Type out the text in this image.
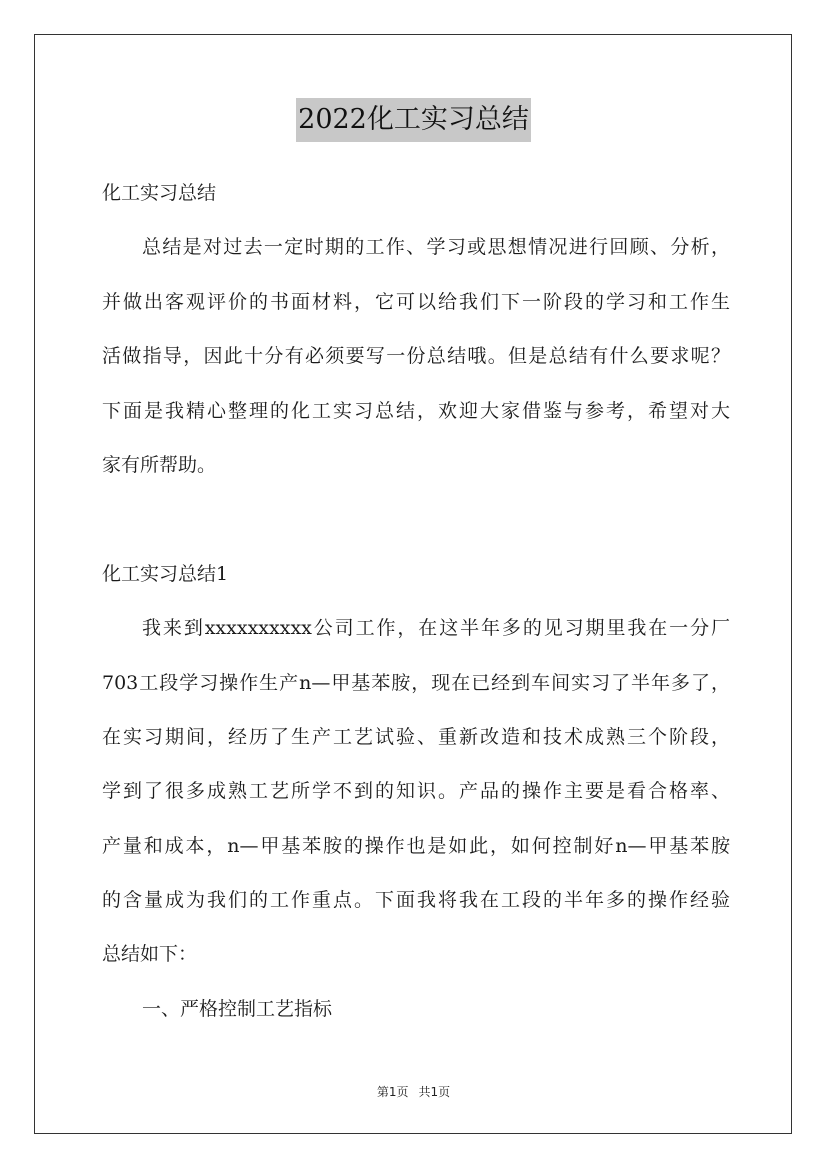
2022化工实习总结
化工实习总结
总结是对过去一定时期的工作、学习或思想情况进行回顾、分析，
并做出客观评价的书面材料，它可以给我们下一阶段的学习和工作生
活做指导，因此十分有必须要写一份总结哦。但是总结有什么要求呢？
下面是我精心整理的化工实习总结，欢迎大家借鉴与参考，希望对大
家有所帮助。
化工实习总结1
我来到xxxxxxxxxx公司工作，在这半年多的见习期里我在一分厂
703工段学习操作生产n—甲基苯胺，现在已经到车间实习了半年多了，
在实习期间，经历了生产工艺试验、重新改造和技术成熟三个阶段，
学到了很多成熟工艺所学不到的知识。产品的操作主要是看合格率、
产量和成本，n—甲基苯胺的操作也是如此，如何控制好n—甲基苯胺
的含量成为我们的工作重点。下面我将我在工段的半年多的操作经验
总结如下：
一、严格控制工艺指标
第1页 共1页
